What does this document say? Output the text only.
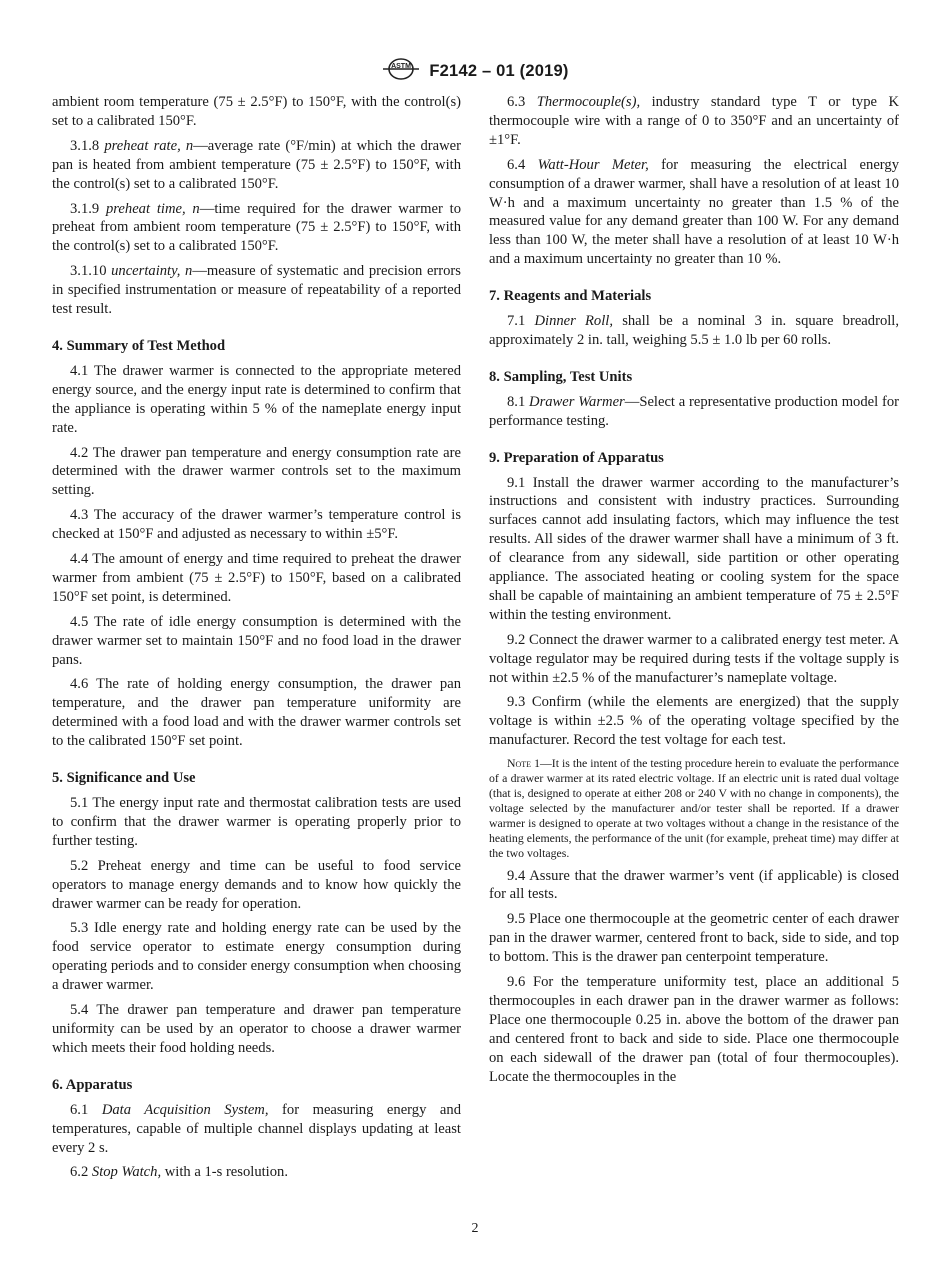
ASTM F2142 – 01 (2019)

ambient room temperature (75 ± 2.5°F) to 150°F, with the control(s) set to a calibrated 150°F.

3.1.8 preheat rate, n—average rate (°F/min) at which the drawer pan is heated from ambient temperature (75 ± 2.5°F) to 150°F, with the control(s) set to a calibrated 150°F.

3.1.9 preheat time, n—time required for the drawer warmer to preheat from ambient room temperature (75 ± 2.5°F) to 150°F, with the control(s) set to a calibrated 150°F.

3.1.10 uncertainty, n—measure of systematic and precision errors in specified instrumentation or measure of repeatability of a reported test result.

4. Summary of Test Method

4.1 The drawer warmer is connected to the appropriate metered energy source, and the energy input rate is determined to confirm that the appliance is operating within 5 % of the nameplate energy input rate.

4.2 The drawer pan temperature and energy consumption rate are determined with the drawer warmer controls set to the maximum setting.

4.3 The accuracy of the drawer warmer’s temperature control is checked at 150°F and adjusted as necessary to within ±5°F.

4.4 The amount of energy and time required to preheat the drawer warmer from ambient (75 ± 2.5°F) to 150°F, based on a calibrated 150°F set point, is determined.

4.5 The rate of idle energy consumption is determined with the drawer warmer set to maintain 150°F and no food load in the drawer pans.

4.6 The rate of holding energy consumption, the drawer pan temperature, and the drawer pan temperature uniformity are determined with a food load and with the drawer warmer controls set to the calibrated 150°F set point.

5. Significance and Use

5.1 The energy input rate and thermostat calibration tests are used to confirm that the drawer warmer is operating properly prior to further testing.

5.2 Preheat energy and time can be useful to food service operators to manage energy demands and to know how quickly the drawer warmer can be ready for operation.

5.3 Idle energy rate and holding energy rate can be used by the food service operator to estimate energy consumption during operating periods and to consider energy consumption when choosing a drawer warmer.

5.4 The drawer pan temperature and drawer pan temperature uniformity can be used by an operator to choose a drawer warmer which meets their food holding needs.

6. Apparatus

6.1 Data Acquisition System, for measuring energy and temperatures, capable of multiple channel displays updating at least every 2 s.

6.2 Stop Watch, with a 1-s resolution.

6.3 Thermocouple(s), industry standard type T or type K thermocouple wire with a range of 0 to 350°F and an uncertainty of ±1°F.

6.4 Watt-Hour Meter, for measuring the electrical energy consumption of a drawer warmer, shall have a resolution of at least 10 W·h and a maximum uncertainty no greater than 1.5 % of the measured value for any demand greater than 100 W. For any demand less than 100 W, the meter shall have a resolution of at least 10 W·h and a maximum uncertainty no greater than 10 %.

7. Reagents and Materials

7.1 Dinner Roll, shall be a nominal 3 in. square breadroll, approximately 2 in. tall, weighing 5.5 ± 1.0 lb per 60 rolls.

8. Sampling, Test Units

8.1 Drawer Warmer—Select a representative production model for performance testing.

9. Preparation of Apparatus

9.1 Install the drawer warmer according to the manufacturer’s instructions and consistent with industry practices. Surrounding surfaces cannot add insulating factors, which may influence the test results. All sides of the drawer warmer shall have a minimum of 3 ft. of clearance from any sidewall, side partition or other operating appliance. The associated heating or cooling system for the space shall be capable of maintaining an ambient temperature of 75 ± 2.5°F within the testing environment.

9.2 Connect the drawer warmer to a calibrated energy test meter. A voltage regulator may be required during tests if the voltage supply is not within ±2.5 % of the manufacturer’s nameplate voltage.

9.3 Confirm (while the elements are energized) that the supply voltage is within ±2.5 % of the operating voltage specified by the manufacturer. Record the test voltage for each test.

Note 1—It is the intent of the testing procedure herein to evaluate the performance of a drawer warmer at its rated electric voltage. If an electric unit is rated dual voltage (that is, designed to operate at either 208 or 240 V with no change in components), the voltage selected by the manufacturer and/or tester shall be reported. If a drawer warmer is designed to operate at two voltages without a change in the resistance of the heating elements, the performance of the unit (for example, preheat time) may differ at the two voltages.

9.4 Assure that the drawer warmer’s vent (if applicable) is closed for all tests.

9.5 Place one thermocouple at the geometric center of each drawer pan in the drawer warmer, centered front to back, side to side, and top to bottom. This is the drawer pan centerpoint temperature.

9.6 For the temperature uniformity test, place an additional 5 thermocouples in each drawer pan in the drawer warmer as follows: Place one thermocouple 0.25 in. above the bottom of the drawer pan and centered front to back and side to side. Place one thermocouple on each sidewall of the drawer pan (total of four thermocouples). Locate the thermocouples in the

2
